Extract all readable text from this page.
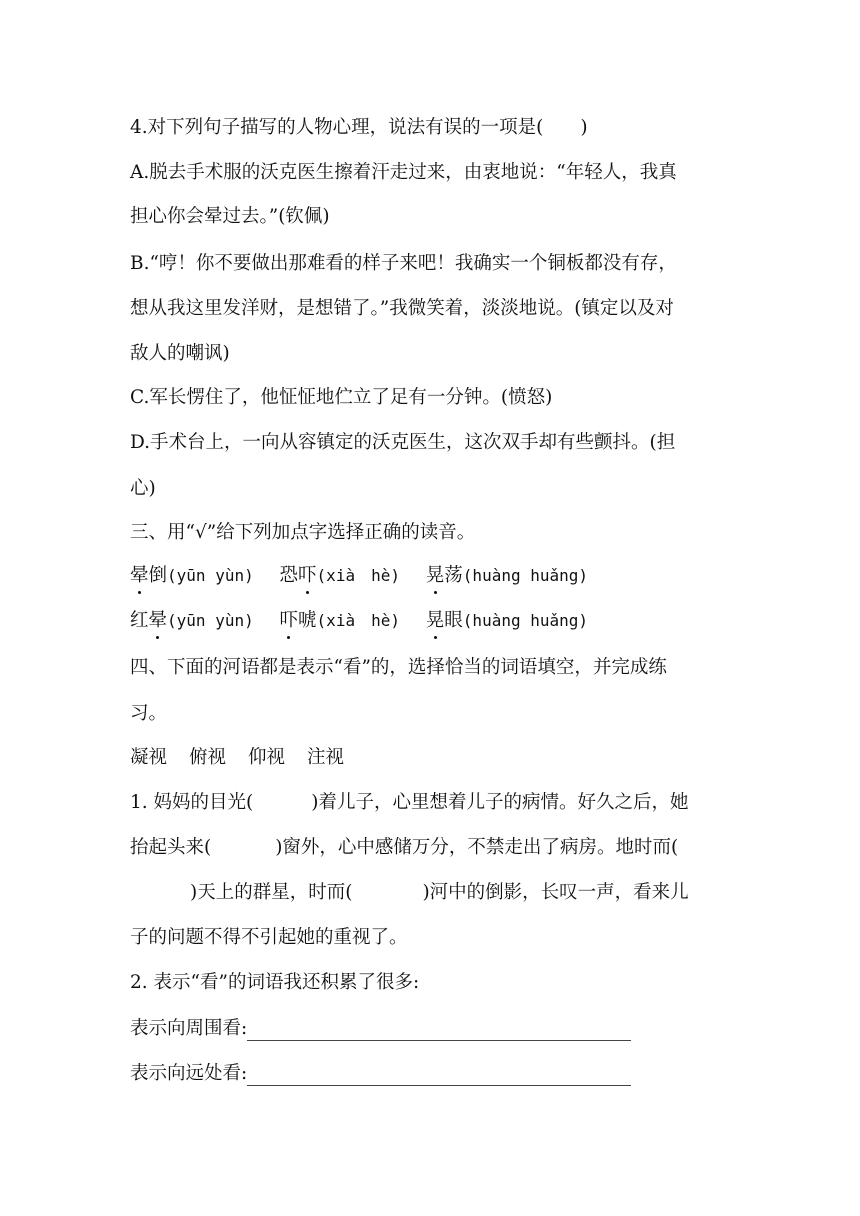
4.对下列句子描写的人物心理，说法有误的一项是(　　)
A.脱去手术服的沃克医生擦着汗走过来，由衷地说：“年轻人，我真
担心你会晕过去。”(钦佩)
B.“哼！你不要做出那难看的样子来吧！我确实一个铜板都没有存，
想从我这里发洋财，是想错了。”我微笑着，淡淡地说。(镇定以及对
敌人的嘲讽)
C.军长愣住了，他怔怔地伫立了足有一分钟。(愤怒)
D.手术台上，一向从容镇定的沃克医生，这次双手却有些颤抖。(担
心)
三、用“√”给下列加点字选择正确的读音。
晕倒(yūn yùn) 恐吓(xià　hè) 晃荡(huàng huǎng)
红晕(yūn yùn) 吓唬(xià　hè) 晃眼(huàng huǎng)
四、下面的河语都是表示“看”的，选择恰当的词语填空，并完成练
习。
凝视 俯视 仰视 注视
1. 妈妈的目光(	)着儿子，心里想着儿子的病情。好久之后，她
抬起头来(	)窗外，心中感储万分，不禁走出了病房。地时而(
)天上的群星，时而(	)河中的倒影，长叹一声，看来儿
子的问题不得不引起她的重视了。
2. 表示“看”的词语我还积累了很多:
表示向周围看:
表示向远处看:
